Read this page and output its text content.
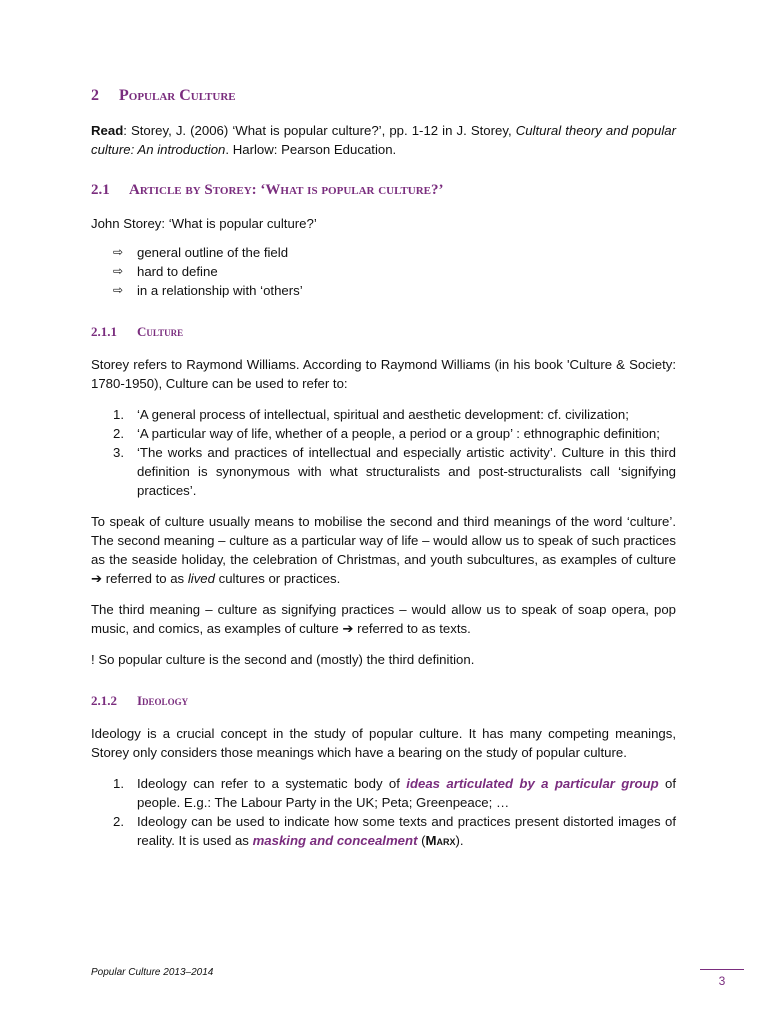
2 Popular Culture

Read: Storey, J. (2006) ‘What is popular culture?’, pp. 1-12 in J. Storey, Cultural theory and popular culture: An introduction. Harlow: Pearson Education.

2.1 Article by Storey: ‘What is popular culture?’

John Storey: ‘What is popular culture?’

⇨ general outline of the field
⇨ hard to define
⇨ in a relationship with ‘others’
2.1.1 Culture

Storey refers to Raymond Williams. According to Raymond Williams (in his book 'Culture & Society: 1780-1950), Culture can be used to refer to:

1. ‘A general process of intellectual, spiritual and aesthetic development: cf. civilization;
2. ‘A particular way of life, whether of a people, a period or a group’ : ethnographic definition;
3. ‘The works and practices of intellectual and especially artistic activity’. Culture in this third definition is synonymous with what structuralists and post-structuralists call ‘signifying practices’.

To speak of culture usually means to mobilise the second and third meanings of the word ‘culture’. The second meaning – culture as a particular way of life – would allow us to speak of such practices as the seaside holiday, the celebration of Christmas, and youth subcultures, as examples of culture ➔ referred to as lived cultures or practices.

The third meaning – culture as signifying practices – would allow us to speak of soap opera, pop music, and comics, as examples of culture ➔ referred to as texts.

! So popular culture is the second and (mostly) the third definition.

2.1.2 Ideology

Ideology is a crucial concept in the study of popular culture. It has many competing meanings, Storey only considers those meanings which have a bearing on the study of popular culture.

1. Ideology can refer to a systematic body of ideas articulated by a particular group of people. E.g.: The Labour Party in the UK; Peta; Greenpeace; …
2. Ideology can be used to indicate how some texts and practices present distorted images of reality. It is used as masking and concealment (Marx).
Popular Culture 2013–2014
3
